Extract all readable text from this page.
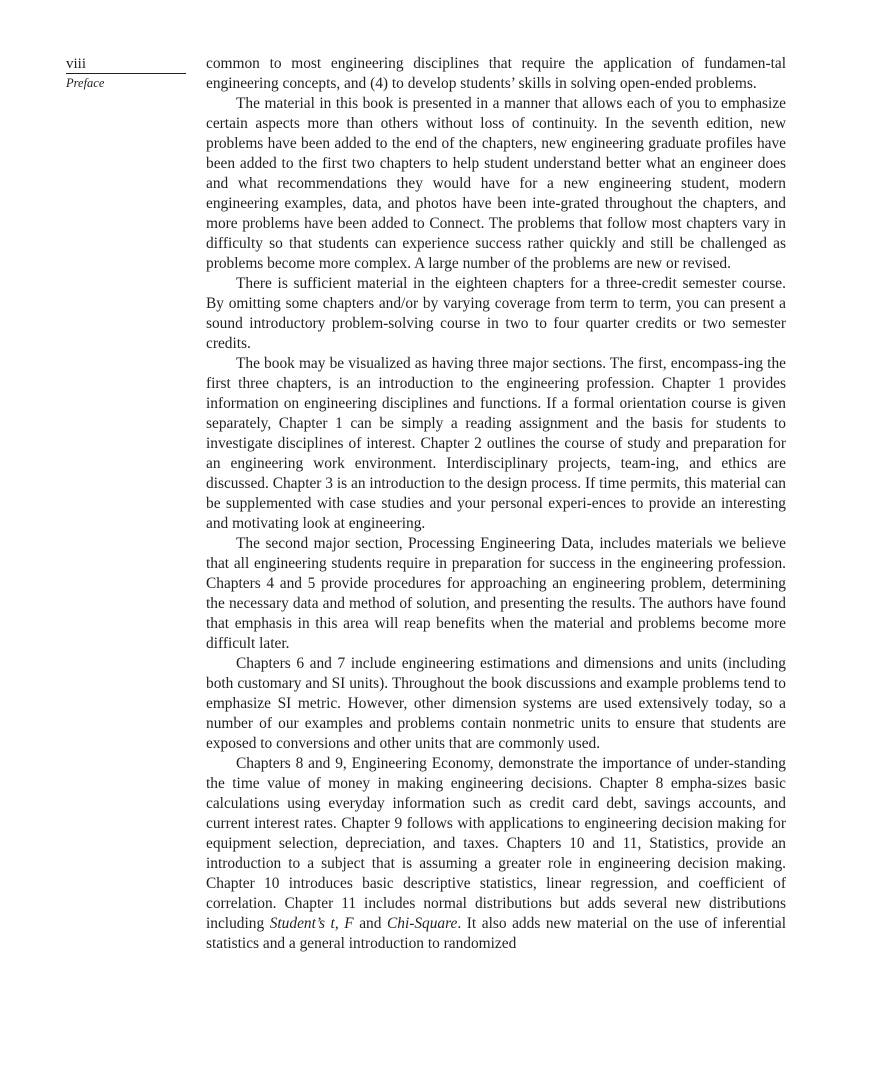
viii
Preface

common to most engineering disciplines that require the application of fundamen-tal engineering concepts, and (4) to develop students’ skills in solving open-ended problems.

The material in this book is presented in a manner that allows each of you to emphasize certain aspects more than others without loss of continuity. In the seventh edition, new problems have been added to the end of the chapters, new engineering graduate profiles have been added to the first two chapters to help student understand better what an engineer does and what recommendations they would have for a new engineering student, modern engineering examples, data, and photos have been inte-grated throughout the chapters, and more problems have been added to Connect. The problems that follow most chapters vary in difficulty so that students can experience success rather quickly and still be challenged as problems become more complex. A large number of the problems are new or revised.

There is sufficient material in the eighteen chapters for a three-credit semester course. By omitting some chapters and/or by varying coverage from term to term, you can present a sound introductory problem-solving course in two to four quarter credits or two semester credits.

The book may be visualized as having three major sections. The first, encompass-ing the first three chapters, is an introduction to the engineering profession. Chapter 1 provides information on engineering disciplines and functions. If a formal orientation course is given separately, Chapter 1 can be simply a reading assignment and the basis for students to investigate disciplines of interest. Chapter 2 outlines the course of study and preparation for an engineering work environment. Interdisciplinary projects, team-ing, and ethics are discussed. Chapter 3 is an introduction to the design process. If time permits, this material can be supplemented with case studies and your personal experi-ences to provide an interesting and motivating look at engineering.

The second major section, Processing Engineering Data, includes materials we believe that all engineering students require in preparation for success in the engineering profession. Chapters 4 and 5 provide procedures for approaching an engineering problem, determining the necessary data and method of solution, and presenting the results. The authors have found that emphasis in this area will reap benefits when the material and problems become more difficult later.

Chapters 6 and 7 include engineering estimations and dimensions and units (including both customary and SI units). Throughout the book discussions and example problems tend to emphasize SI metric. However, other dimension systems are used extensively today, so a number of our examples and problems contain nonmetric units to ensure that students are exposed to conversions and other units that are commonly used.

Chapters 8 and 9, Engineering Economy, demonstrate the importance of under-standing the time value of money in making engineering decisions. Chapter 8 empha-sizes basic calculations using everyday information such as credit card debt, savings accounts, and current interest rates. Chapter 9 follows with applications to engineering decision making for equipment selection, depreciation, and taxes. Chapters 10 and 11, Statistics, provide an introduction to a subject that is assuming a greater role in engineering decision making. Chapter 10 introduces basic descriptive statistics, linear regression, and coefficient of correlation. Chapter 11 includes normal distributions but adds several new distributions including Student’s t, F and Chi-Square. It also adds new material on the use of inferential statistics and a general introduction to randomized
